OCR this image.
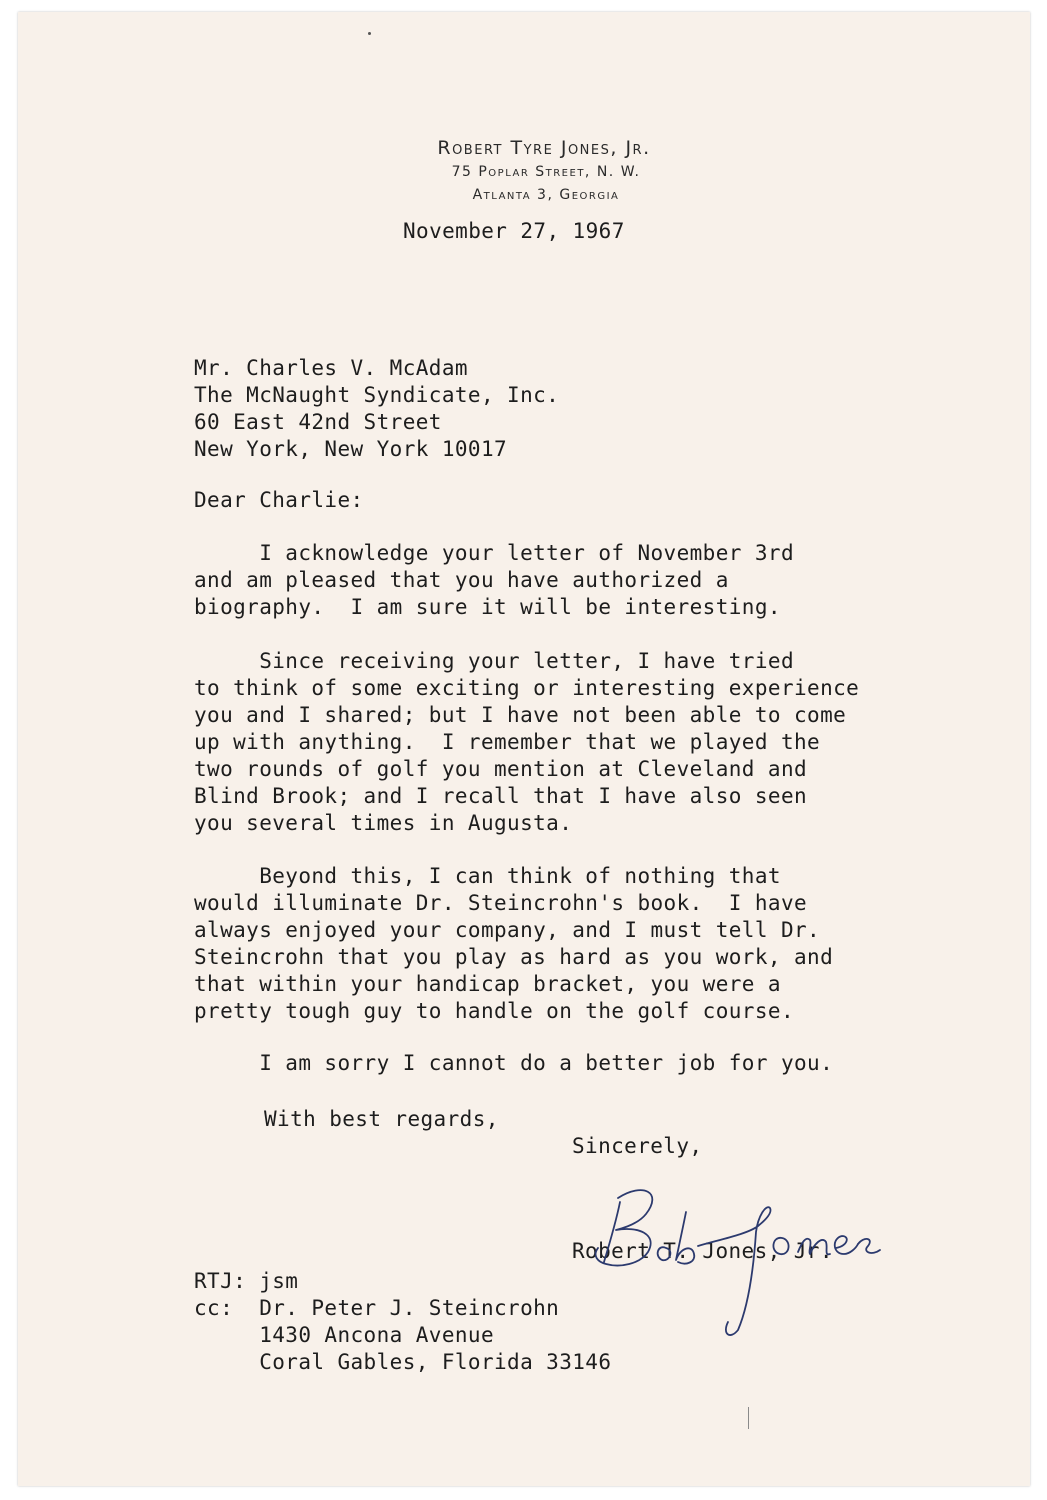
Robert Tyre Jones, Jr.
75 Poplar Street, N. W.
Atlanta 3, Georgia
November 27, 1967
Mr. Charles V. McAdam
The McNaught Syndicate, Inc.
60 East 42nd Street
New York, New York 10017
Dear Charlie:
I acknowledge your letter of November 3rd
and am pleased that you have authorized a
biography.  I am sure it will be interesting.
Since receiving your letter, I have tried
to think of some exciting or interesting experience
you and I shared; but I have not been able to come
up with anything.  I remember that we played the
two rounds of golf you mention at Cleveland and
Blind Brook; and I recall that I have also seen
you several times in Augusta.
Beyond this, I can think of nothing that
would illuminate Dr. Steincrohn's book.  I have
always enjoyed your company, and I must tell Dr.
Steincrohn that you play as hard as you work, and
that within your handicap bracket, you were a
pretty tough guy to handle on the golf course.
I am sorry I cannot do a better job for you.
With best regards,
Sincerely,
Robert T. Jones, Jr.
RTJ: jsm
cc:  Dr. Peter J. Steincrohn
1430 Ancona Avenue
Coral Gables, Florida 33146
